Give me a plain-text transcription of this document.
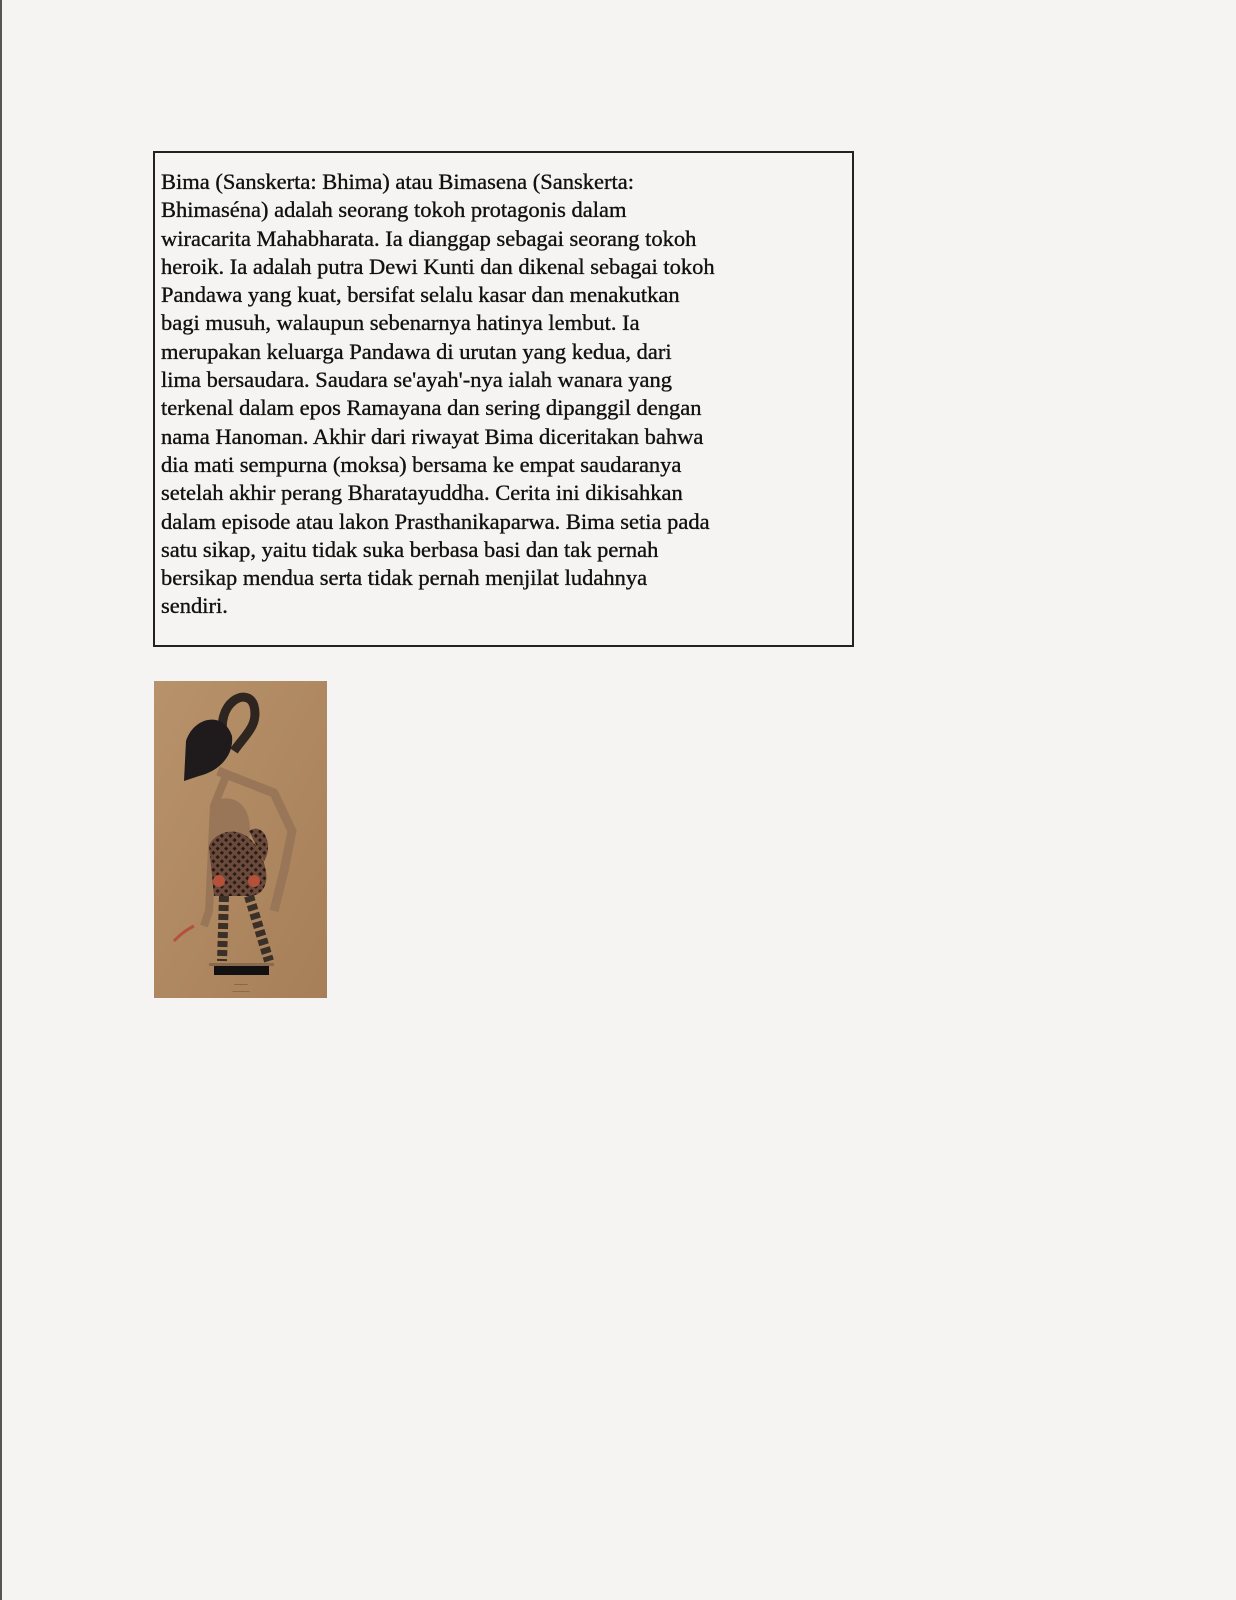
Bima (Sanskerta: Bhima) atau Bimasena (Sanskerta:
Bhimaséna) adalah seorang tokoh protagonis dalam
wiracarita Mahabharata. Ia dianggap sebagai seorang tokoh
heroik. Ia adalah putra Dewi Kunti dan dikenal sebagai tokoh
Pandawa yang kuat, bersifat selalu kasar dan menakutkan
bagi musuh, walaupun sebenarnya hatinya lembut. Ia
merupakan keluarga Pandawa di urutan yang kedua, dari
lima bersaudara. Saudara se'ayah'-nya ialah wanara yang
terkenal dalam epos Ramayana dan sering dipanggil dengan
nama Hanoman. Akhir dari riwayat Bima diceritakan bahwa
dia mati sempurna (moksa) bersama ke empat saudaranya
setelah akhir perang Bharatayuddha. Cerita ini dikisahkan
dalam episode atau lakon Prasthanikaparwa. Bima setia pada
satu sikap, yaitu tidak suka berbasa basi dan tak pernah
bersikap mendua serta tidak pernah menjilat ludahnya
sendiri.
~~~~~
~~~~~~~~
